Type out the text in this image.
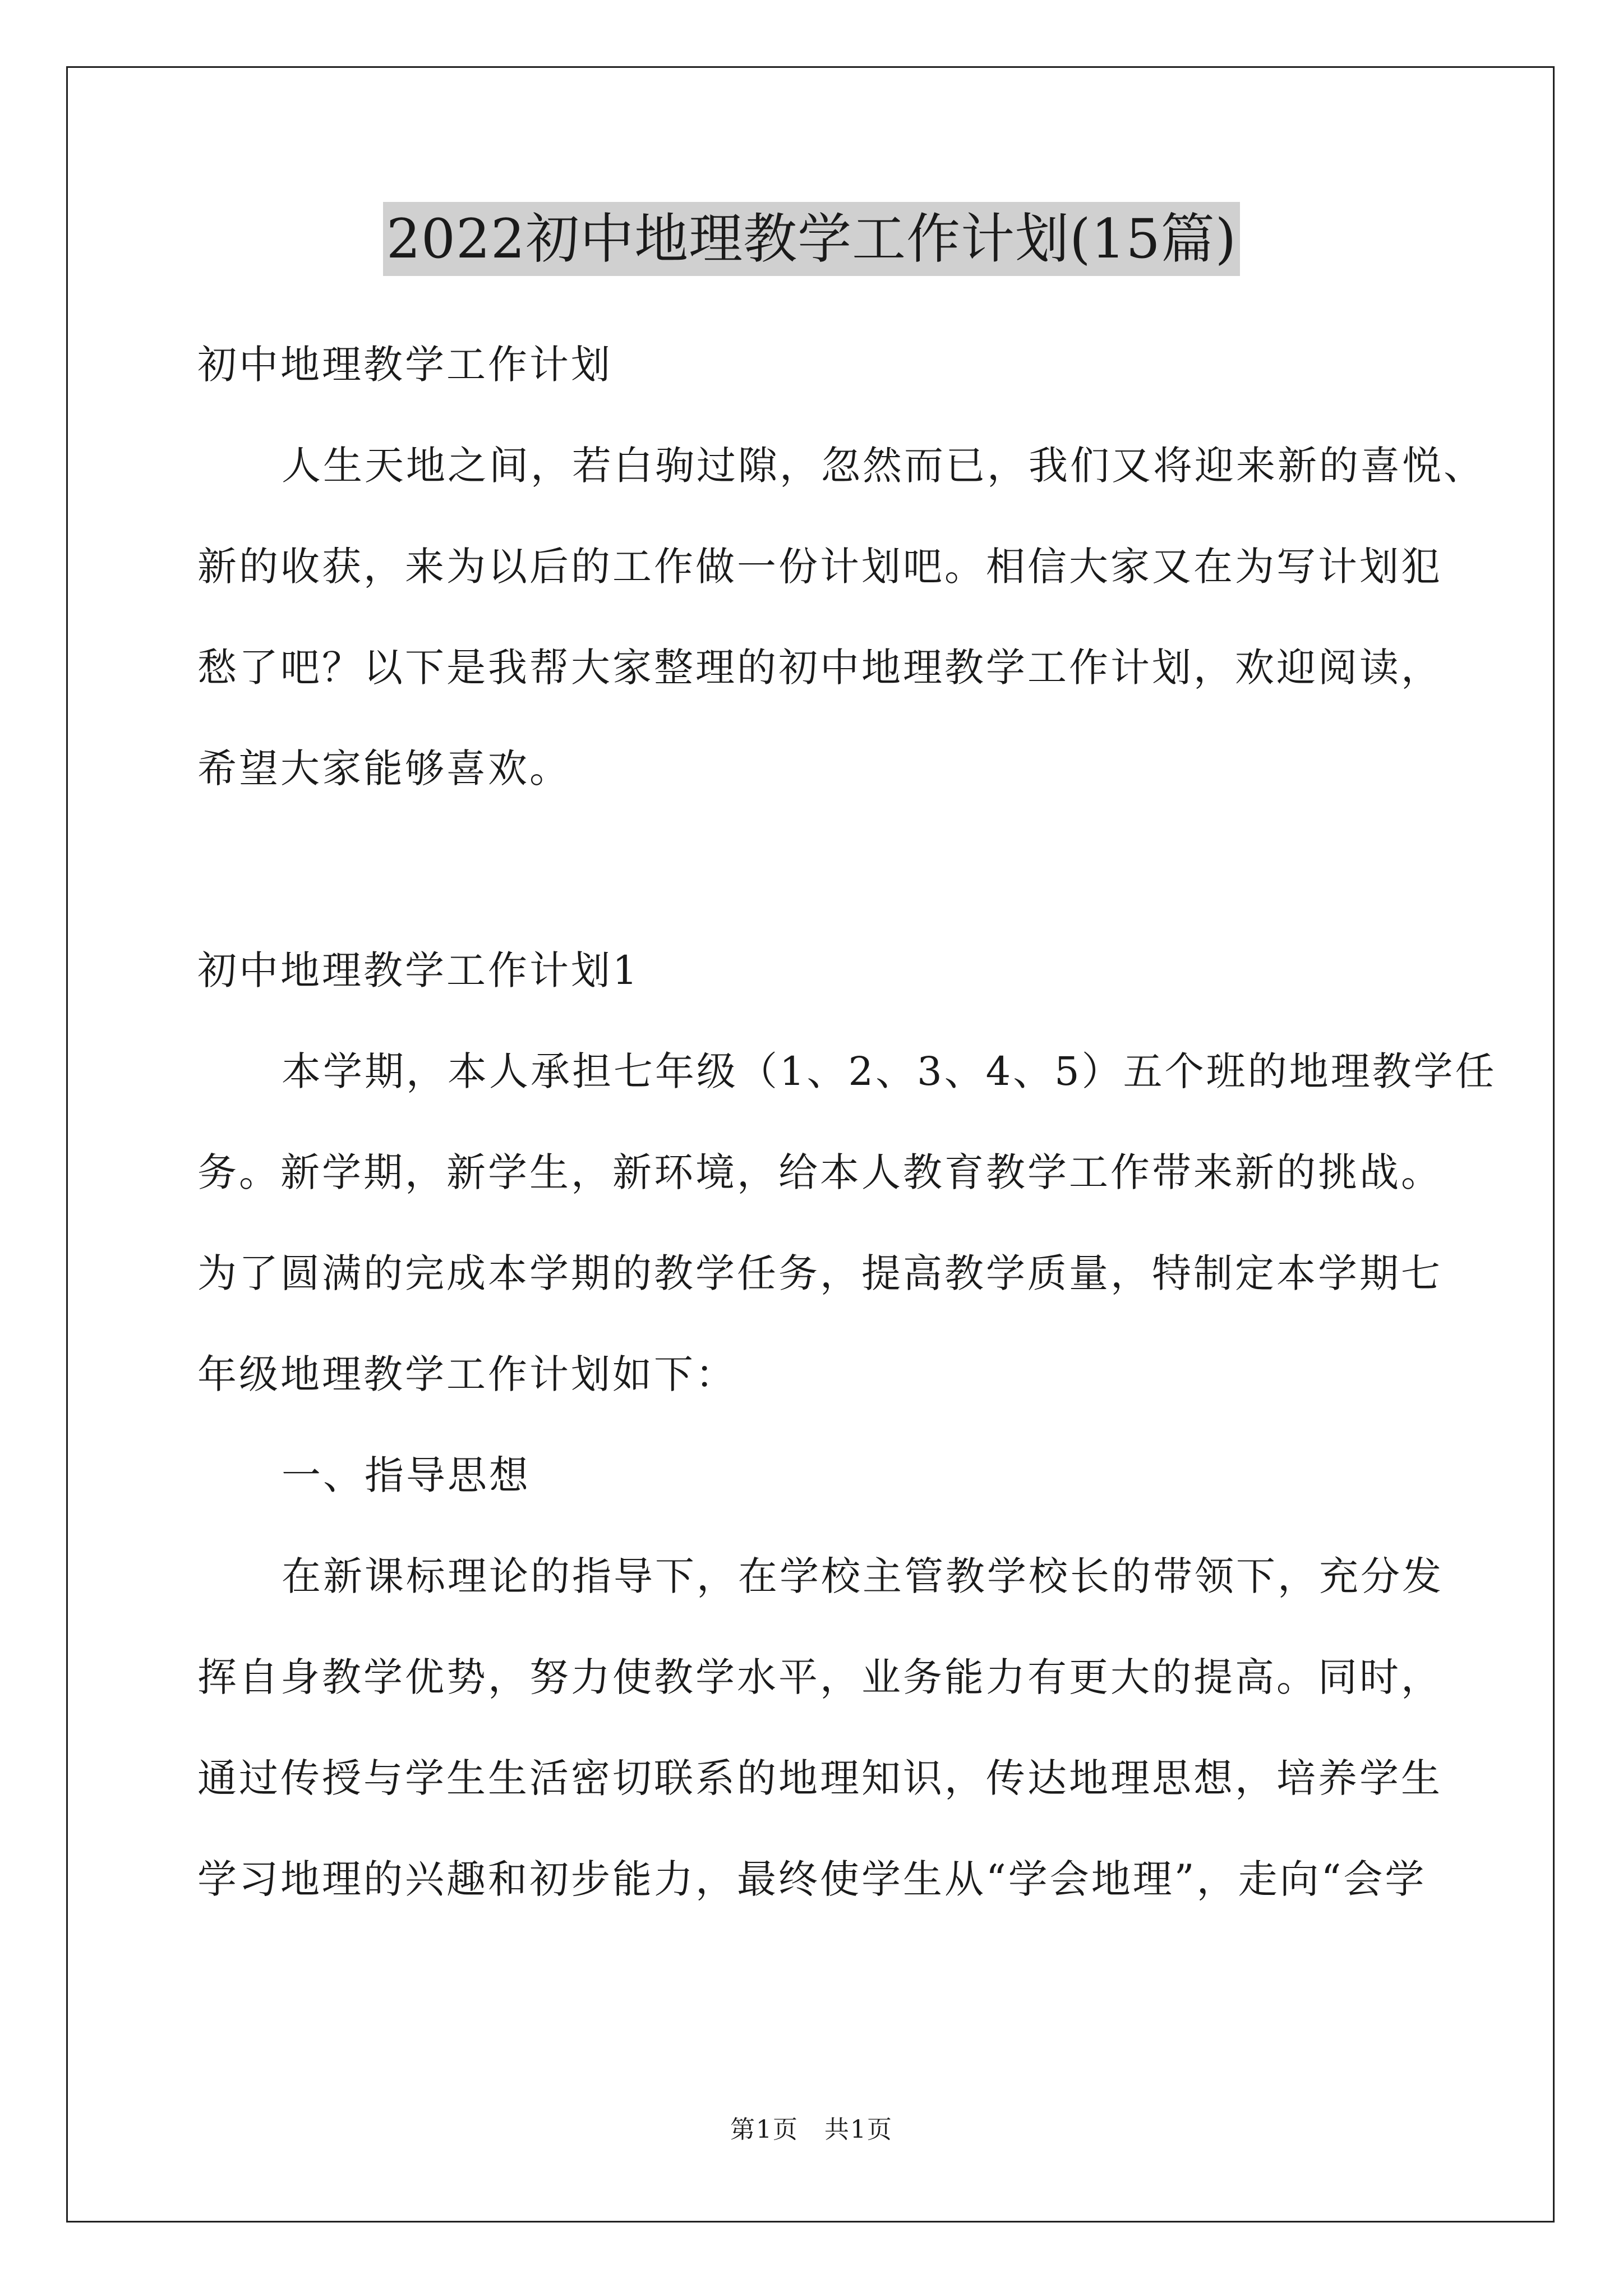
2022初中地理教学工作计划(15篇)

初中地理教学工作计划

人生天地之间，若白驹过隙，忽然而已，我们又将迎来新的喜悦、

新的收获，来为以后的工作做一份计划吧。相信大家又在为写计划犯

愁了吧？以下是我帮大家整理的初中地理教学工作计划，欢迎阅读，

希望大家能够喜欢。

初中地理教学工作计划1

本学期，本人承担七年级（1、2、3、4、5）五个班的地理教学任

务。新学期，新学生，新环境，给本人教育教学工作带来新的挑战。

为了圆满的完成本学期的教学任务，提高教学质量，特制定本学期七

年级地理教学工作计划如下：

一、指导思想

在新课标理论的指导下，在学校主管教学校长的带领下，充分发

挥自身教学优势，努力使教学水平，业务能力有更大的提高。同时，

通过传授与学生生活密切联系的地理知识，传达地理思想，培养学生

学习地理的兴趣和初步能力，最终使学生从“学会地理”，走向“会学

第1页　共1页
